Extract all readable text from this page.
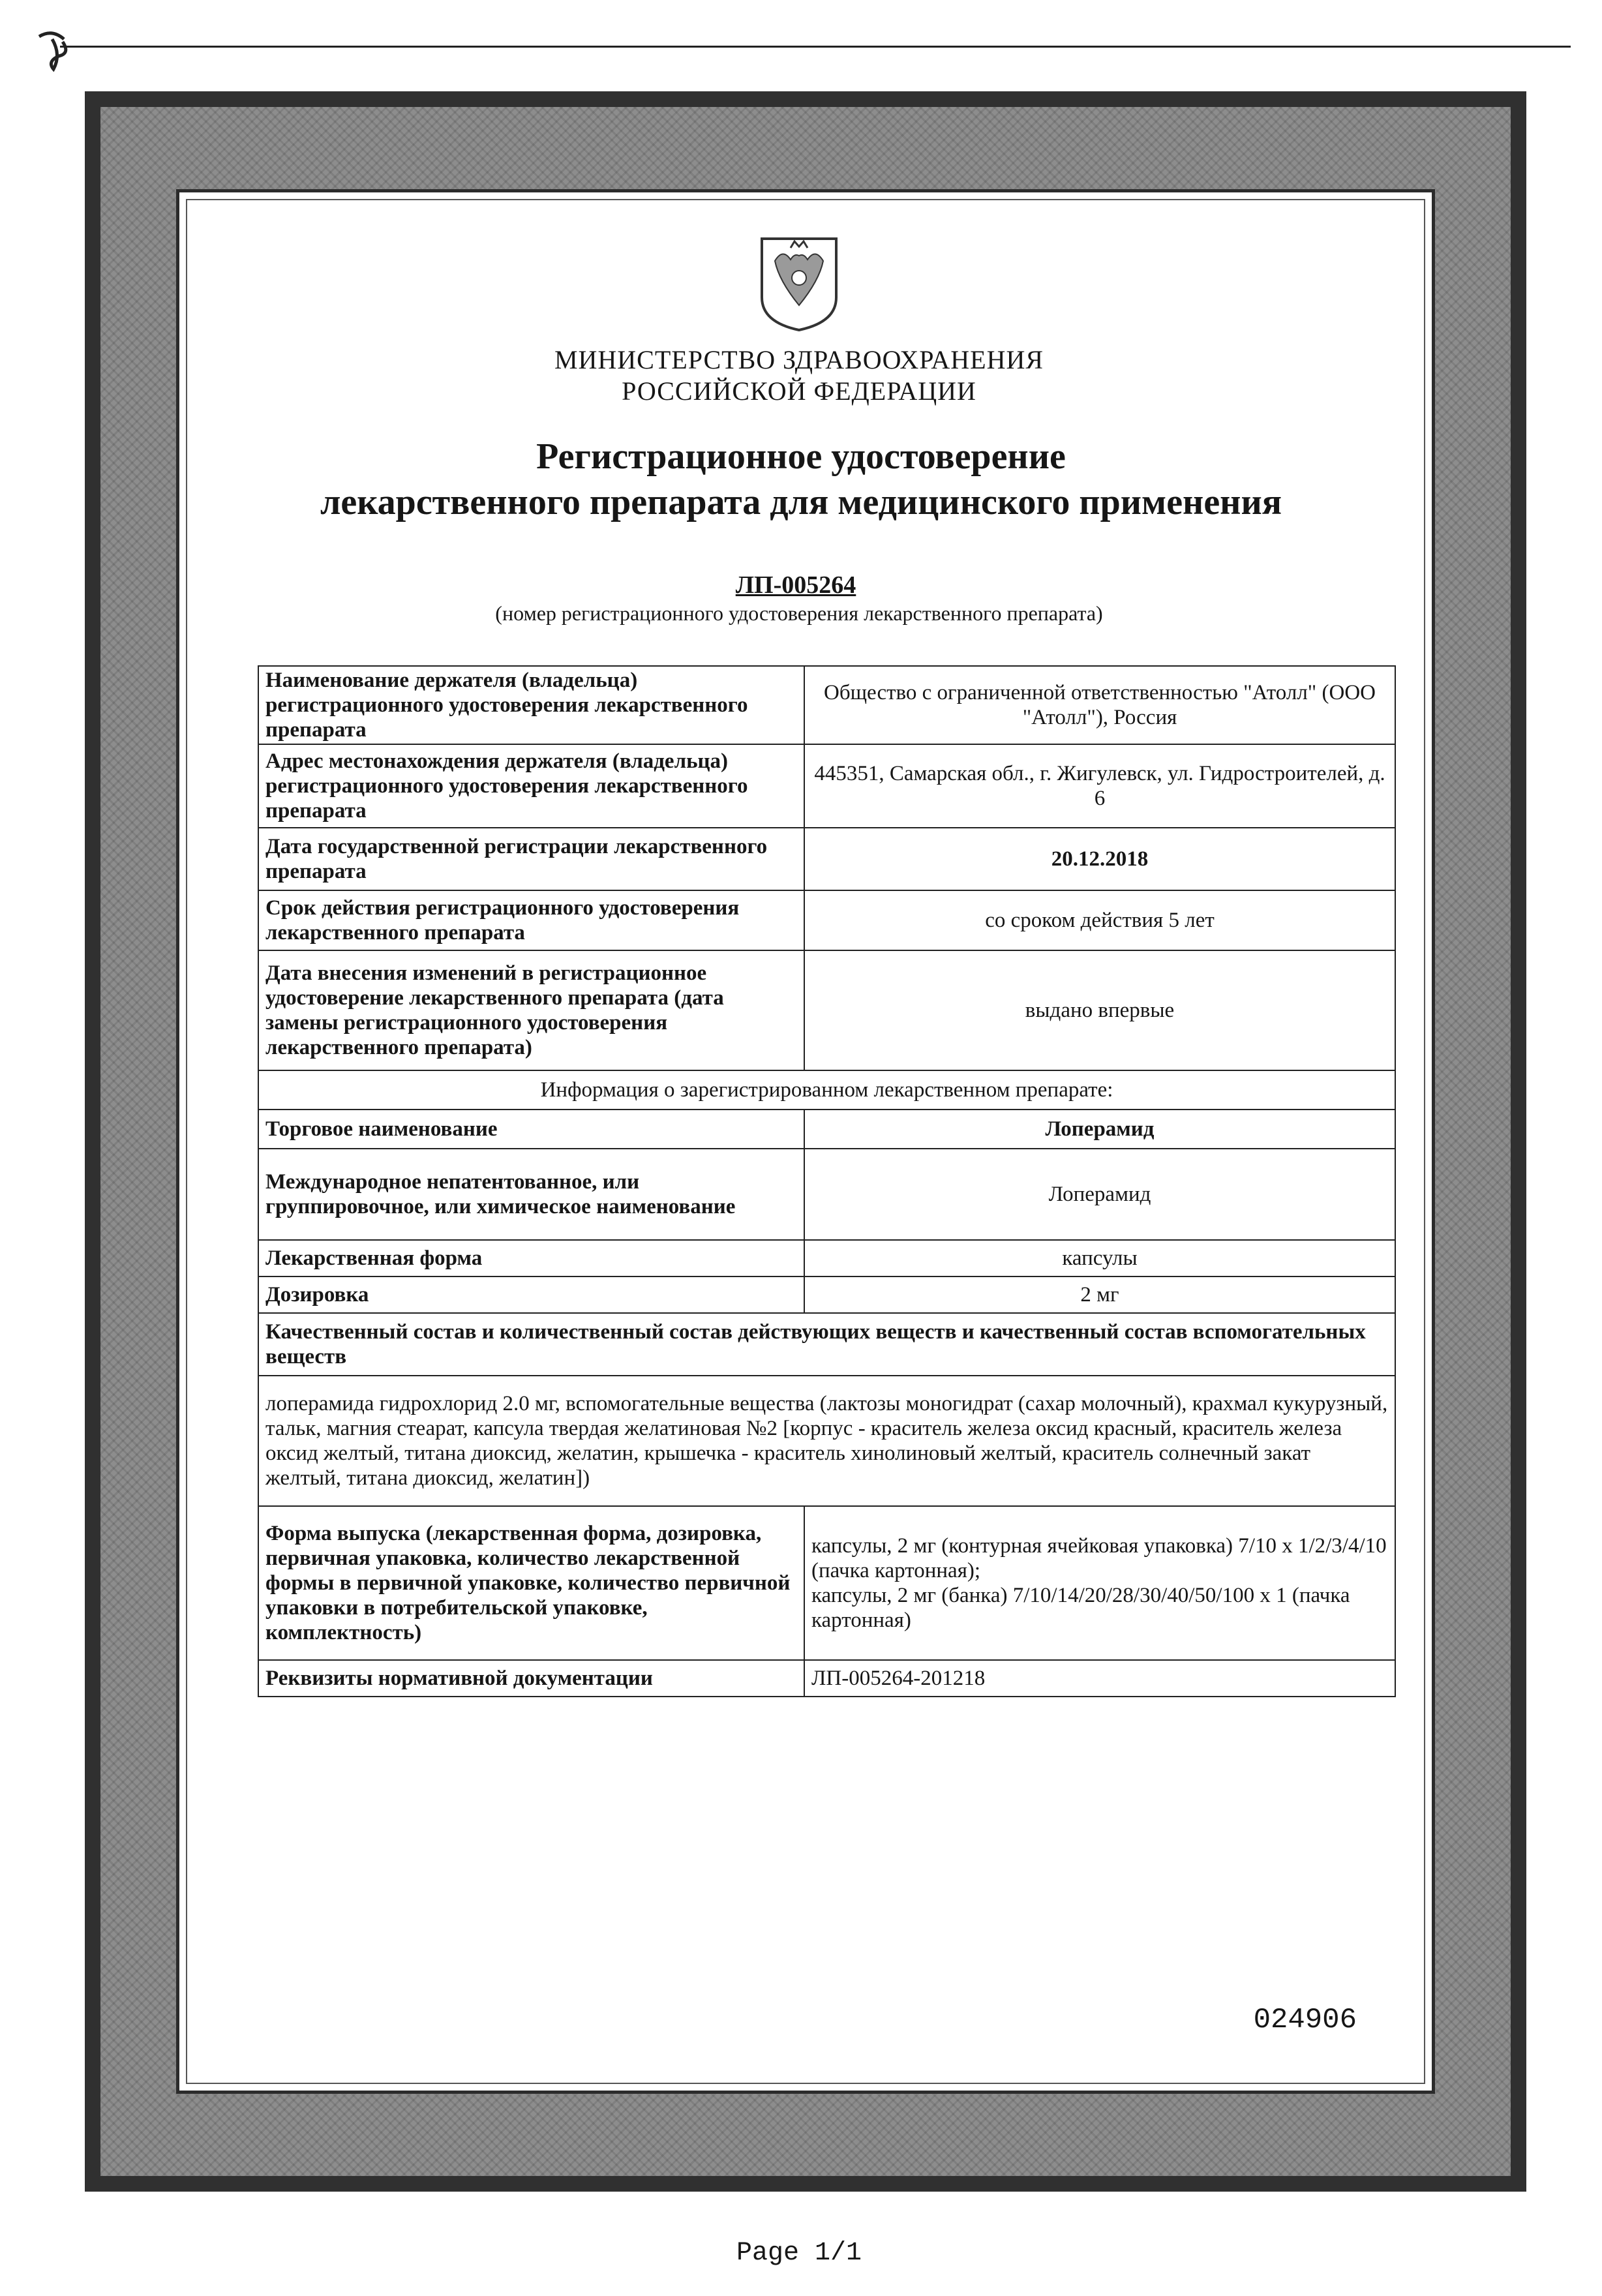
МИНИСТЕРСТВО ЗДРАВООХРАНЕНИЯ
РОССИЙСКОЙ ФЕДЕРАЦИИ
Регистрационное удостоверение
лекарственного препарата для медицинского применения
ЛП-005264
(номер регистрационного удостоверения лекарственного препарата)
Наименование держателя (владельца) регистрационного удостоверения лекарственного препарата	Общество с ограниченной ответственностью "Атолл" (ООО "Атолл"), Россия
Адрес местонахождения держателя (владельца) регистрационного удостоверения лекарственного препарата	445351, Самарская обл., г. Жигулевск, ул. Гидростроителей, д. 6
Дата государственной регистрации лекарственного препарата	20.12.2018
Срок действия регистрационного удостоверения лекарственного препарата	со сроком действия 5 лет
Дата внесения изменений в регистрационное удостоверение лекарственного препарата (дата замены регистрационного удостоверения лекарственного препарата)	выдано впервые
Информация о зарегистрированном лекарственном препарате:	
Торговое наименование	Лоперамид
Международное непатентованное, или группировочное, или химическое наименование	Лоперамид
Лекарственная форма	капсулы
Дозировка	2 мг
Качественный состав и количественный состав действующих веществ и качественный состав вспомогательных веществ	
лоперамида гидрохлорид 2.0 мг, вспомогательные вещества (лактозы моногидрат (сахар молочный), крахмал кукурузный, тальк, магния стеарат, капсула твердая желатиновая №2 [корпус - краситель железа оксид красный, краситель железа оксид желтый, титана диоксид, желатин, крышечка - краситель хинолиновый желтый, краситель солнечный закат желтый, титана диоксид, желатин])	
Форма выпуска (лекарственная форма, дозировка, первичная упаковка, количество лекарственной формы в первичной упаковке, количество первичной упаковки в потребительской упаковке, комплектность)	капсулы, 2 мг (контурная ячейковая упаковка) 7/10 х 1/2/3/4/10 (пачка картонная);
капсулы, 2 мг (банка) 7/10/14/20/28/30/40/50/100 х 1 (пачка картонная)

Реквизиты нормативной документации	ЛП-005264-201218
024906
Page 1/1
